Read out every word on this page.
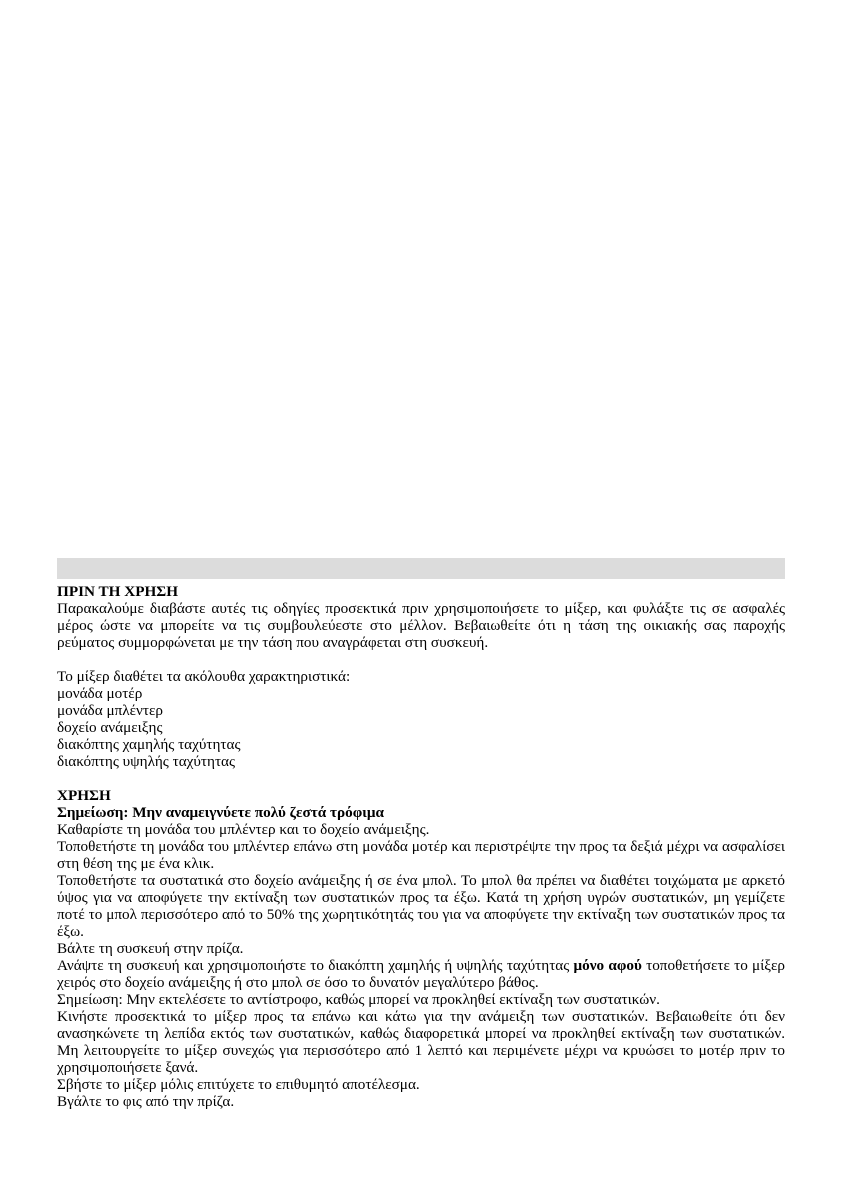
ΠΡΙΝ ΤΗ ΧΡΗΣΗ

Παρακαλούμε διαβάστε αυτές τις οδηγίες προσεκτικά πριν χρησιμοποιήσετε το μίξερ, και φυλάξτε τις σε ασφαλές μέρος ώστε να μπορείτε να τις συμβουλεύεστε στο μέλλον. Βεβαιωθείτε ότι η τάση της οικιακής σας παροχής ρεύματος συμμορφώνεται με την τάση που αναγράφεται στη συσκευή.

Το μίξερ διαθέτει τα ακόλουθα χαρακτηριστικά:

μονάδα μοτέρ

μονάδα μπλέντερ

δοχείο ανάμειξης

διακόπτης χαμηλής ταχύτητας

διακόπτης υψηλής ταχύτητας

ΧΡΗΣΗ

Σημείωση: Μην αναμειγνύετε πολύ ζεστά τρόφιμα

Καθαρίστε τη μονάδα του μπλέντερ και το δοχείο ανάμειξης.

Τοποθετήστε τη μονάδα του μπλέντερ επάνω στη μονάδα μοτέρ και περιστρέψτε την προς τα δεξιά μέχρι να ασφαλίσει στη θέση της με ένα κλικ.

Τοποθετήστε τα συστατικά στο δοχείο ανάμειξης ή σε ένα μπολ. Το μπολ θα πρέπει να διαθέτει τοιχώματα με αρκετό ύψος για να αποφύγετε την εκτίναξη των συστατικών προς τα έξω. Κατά τη χρήση υγρών συστατικών, μη γεμίζετε ποτέ το μπολ περισσότερο από το 50% της χωρητικότητάς του για να αποφύγετε την εκτίναξη των συστατικών προς τα έξω.

Βάλτε τη συσκευή στην πρίζα.

Ανάψτε τη συσκευή και χρησιμοποιήστε το διακόπτη χαμηλής ή υψηλής ταχύτητας μόνο αφού τοποθετήσετε το μίξερ χειρός στο δοχείο ανάμειξης ή στο μπολ σε όσο το δυνατόν μεγαλύτερο βάθος.

Σημείωση: Μην εκτελέσετε το αντίστροφο, καθώς μπορεί να προκληθεί εκτίναξη των συστατικών.

Κινήστε προσεκτικά το μίξερ προς τα επάνω και κάτω για την ανάμειξη των συστατικών. Βεβαιωθείτε ότι δεν ανασηκώνετε τη λεπίδα εκτός των συστατικών, καθώς διαφορετικά μπορεί να προκληθεί εκτίναξη των συστατικών. Μη λειτουργείτε το μίξερ συνεχώς για περισσότερο από 1 λεπτό και περιμένετε μέχρι να κρυώσει το μοτέρ πριν το χρησιμοποιήσετε ξανά.

Σβήστε το μίξερ μόλις επιτύχετε το επιθυμητό αποτέλεσμα.

Βγάλτε το φις από την πρίζα.
